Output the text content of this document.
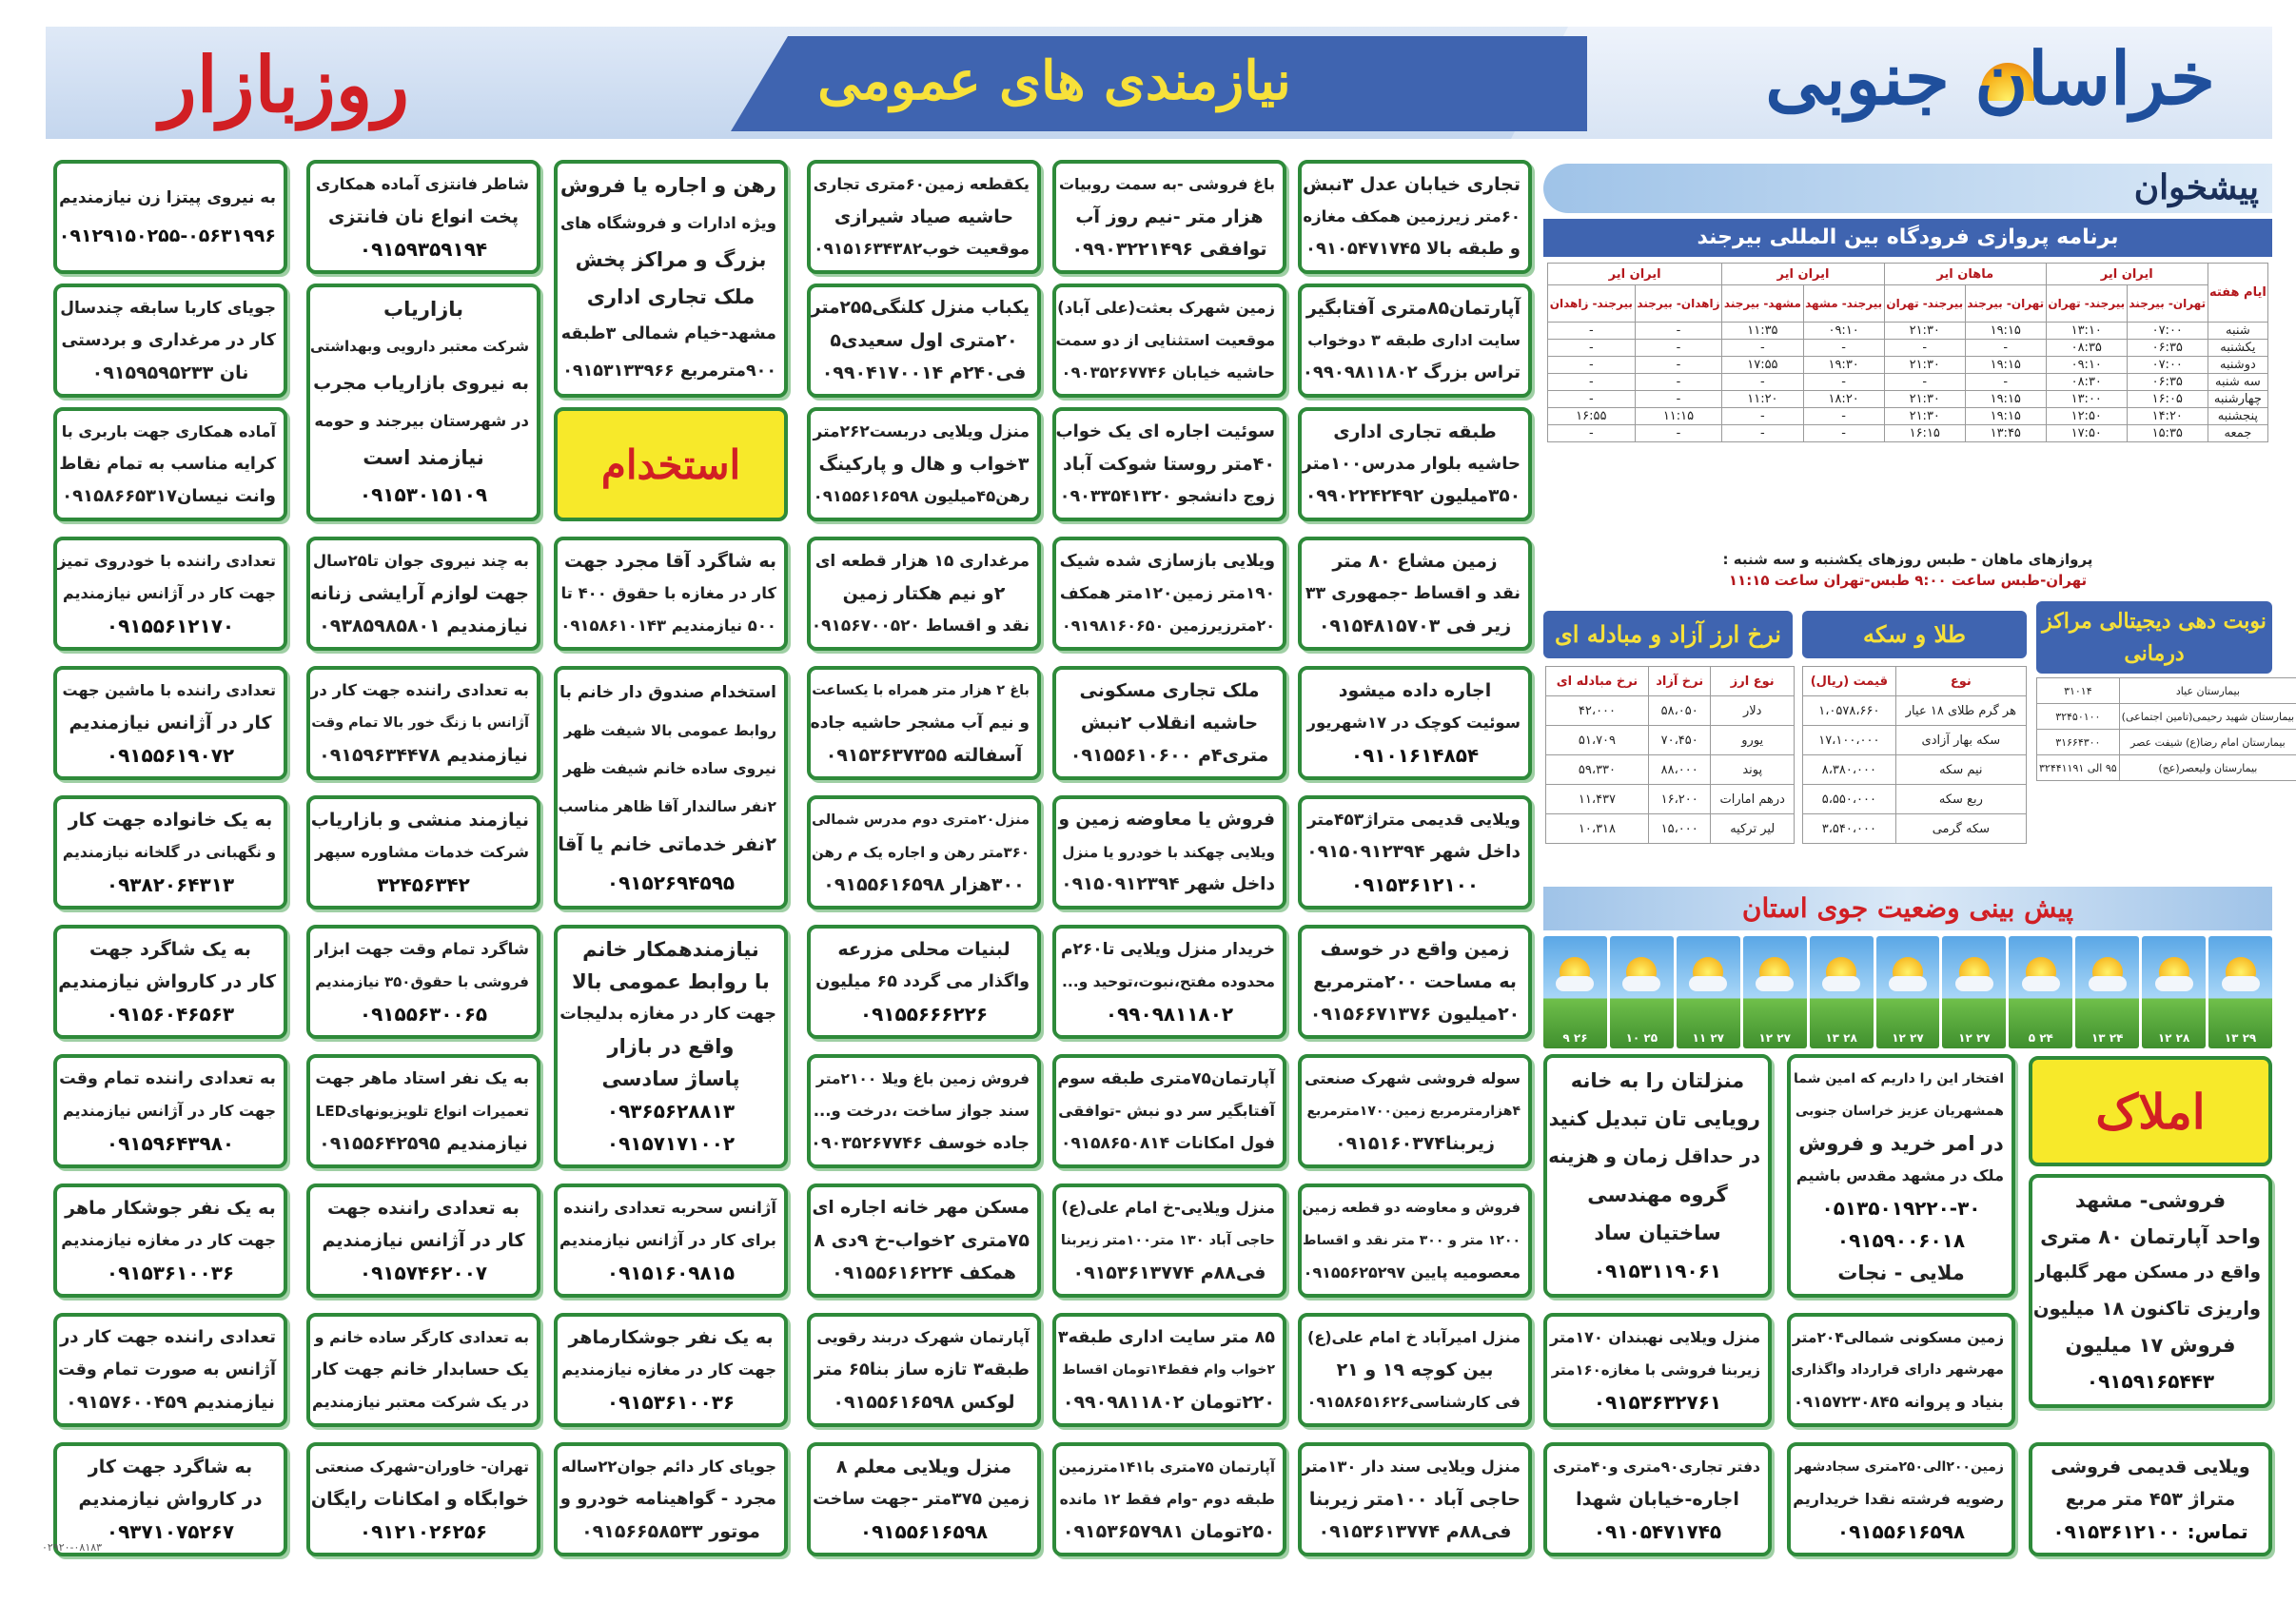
خراسان جنوبی
نیازمندی های عمومی
روزبازار
تجاری خیابان عدل ۳نبش
۶۰متر زیرزمین همکف مغازه
و طبقه بالا ۰۹۱۰۵۴۷۱۷۴۵
باغ فروشی -به سمت روبیات
هزار متر -نیم روز آب
توافقی ۰۹۹۰۳۲۲۱۴۹۶
یکقطعه زمین۶۰متری تجاری
حاشیه صیاد شیرازی
موقعیت خوب۰۹۱۵۱۶۳۴۳۸۲
رهن و اجاره یا فروش
ویژه ادارات و فروشگاه های
بزرگ و مراکز پخش
ملک تجاری اداری
مشهد-خیام شمالی ۳طبقه
۹۰۰مترمربع ۰۹۱۵۳۱۳۳۹۶۶
شاطر فانتزی آماده همکاری
پخت انواع نان فانتزی
۰۹۱۵۹۳۵۹۱۹۴
به نیروی پیتزا زن نیازمندیم
۰۹۱۲۹۱۵۰۲۵۵-۰۵۶۳۱۹۹۶
آپارتمان۸۵متری آفتابگیر
سایت اداری طبقه ۳ دوخواب
تراس بزرگ ۰۹۹۰۹۸۱۱۸۰۲
زمین شهرک بعثت(علی آباد)
موقعیت استثنایی از دو سمت
حاشیه خیابان ۰۹۰۳۵۲۶۷۷۴۶
یکباب منزل کلنگی۲۵۵متر
۲۰متری اول سعیدی۵
فی۲۴۰م ۰۹۹۰۴۱۷۰۰۱۴
بازاریاب
شرکت معتبر دارویی وبهداشتی
به نیروی بازاریاب مجرب
در شهرستان بیرجند و حومه
نیازمند است
۰۹۱۵۳۰۱۵۱۰۹
جویای کاربا سابقه چندسال
کار در مرغداری و بردستی
نان ۰۹۱۵۹۵۹۵۲۳۳
طبقه تجاری اداری
حاشیه بلوار مدرس۱۰۰متر
۳۵۰میلیون ۰۹۹۰۲۲۴۲۴۹۲
سوئیت اجاره ای یک خواب
۴۰متر روستا شوکت آباد
زوج دانشجو ۰۹۰۳۳۵۴۱۳۲۰
منزل ویلایی دربست۲۶۲متر
۳خواب و هال و پارکینگ
رهن۴۵میلیون ۰۹۱۵۵۶۱۶۵۹۸
آماده همکاری جهت باربری با
کرایه مناسب به تمام نقاط
وانت نیسان۰۹۱۵۸۶۶۵۳۱۷
زمین مشاع ۸۰ متر
نقد و اقساط -جمهوری ۳۳
زیر فی ۰۹۱۵۴۸۱۵۷۰۳
ویلایی بازسازی شده شیک
۱۹۰متر زمین۱۲۰متر همکف
۲۰مترزیرزمین ۰۹۱۹۸۱۶۰۶۵۰
مرغداری ۱۵ هزار قطعه ای
۲و نیم هکتار زمین
نقد و اقساط ۰۹۱۵۶۷۰۰۵۲۰
به شاگرد آقا مجرد جهت
کار در مغازه با حقوق ۴۰۰ تا
۵۰۰ نیازمندیم ۰۹۱۵۸۶۱۰۱۴۳
به چند نیروی جوان تا۲۵سال
جهت لوازم آرایشی زنانه
نیازمندیم ۰۹۳۸۵۹۸۵۸۰۱
تعدادی راننده با خودروی تمیز
جهت کار در آژانس نیازمندیم
۰۹۱۵۵۶۱۲۱۷۰
اجاره داده میشود
سوئیت کوچک در ۱۷شهریور
۰۹۱۰۱۶۱۴۸۵۴
ملک تجاری مسکونی
حاشیه انقلاب ۲نبش
متری۴م ۰۹۱۵۵۶۱۰۶۰۰
باغ ۲ هزار متر همراه با یکساعت
و نیم آب مشجر حاشیه جاده
آسفالته ۰۹۱۵۳۶۳۷۳۵۵
استخدام صندوق دار خانم با
روابط عمومی بالا شیفت ظهر
نیروی ساده خانم شیفت ظهر
۲نفر سالندار آقا ظاهر مناسب
۲نفر خدماتی خانم یا آقا
۰۹۱۵۲۶۹۴۵۹۵
به تعدادی راننده جهت کار در
آژانس با زنگ خور بالا تمام وقت
نیازمندیم ۰۹۱۵۹۶۳۴۴۷۸
تعدادی راننده با ماشین جهت
کار در آژانس نیازمندیم
۰۹۱۵۵۶۱۹۰۷۲
ویلایی قدیمی متراژ۴۵۳متر
داخل شهر ۰۹۱۵۰۹۱۲۳۹۴
۰۹۱۵۳۶۱۲۱۰۰
فروش یا معاوضه زمین و
ویلایی چهکند با خودرو یا منزل
داخل شهر ۰۹۱۵۰۹۱۲۳۹۴
منزل۲۰متری دوم مدرس شمالی
۳۶۰متر رهن و اجاره یک م رهن
۳۰۰هزار ۰۹۱۵۵۶۱۶۵۹۸
نیازمند منشی و بازاریاب
شرکت خدمات مشاوره سپهر
۳۲۴۵۶۳۴۲
به یک خانواده جهت کار
و نگهبانی در گلخانه نیازمندیم
۰۹۳۸۲۰۶۴۳۱۳
زمین واقع در خوسف
به مساحت ۲۰۰مترمربع
۲۰میلیون ۰۹۱۵۶۶۷۱۳۷۶
خریدار منزل ویلایی تا۲۶۰م
محدوده مفتح،نبوت،توحید و...
۰۹۹۰۹۸۱۱۸۰۲
لبنیات محلی مزرعه
واگذار می گردد ۶۵ میلیون
۰۹۱۵۵۶۶۶۲۲۶
نیازمندهمکار خانم
با روابط عمومی بالا
جهت کار در مغازه بدلیجات
واقع در بازار
پاساژ سادسی
۰۹۳۶۵۶۲۸۸۱۳
۰۹۱۵۷۱۷۱۰۰۲
شاگرد تمام وقت جهت ابزار
فروشی با حقوق۳۵۰ نیازمندیم
۰۹۱۵۵۶۳۰۰۶۵
به یک شاگرد جهت
کار در کارواش نیازمندیم
۰۹۱۵۶۰۴۶۵۶۳
افتخار این را داریم که امین شما
همشهریان عزیز خراسان جنوبی
در امر خرید و فروش
ملک در مشهد مقدس باشیم
۰۵۱۳۵۰۱۹۲۲۰-۳۰
۰۹۱۵۹۰۰۶۰۱۸
ملایی - نجات
منزلتان را به خانه
رویایی تان تبدیل کنید
در حداقل زمان و هزینه
گروه مهندسی
ساختیان ساد
۰۹۱۵۳۱۱۹۰۶۱
سوله فروشی شهرک صنعتی
۴هزارمترمربع زمین۱۷۰۰مترمربع
زیربنا۰۹۱۵۱۶۰۳۷۴
آپارتمان۷۵متری طبقه سوم
آفتابگیر سر دو نبش -توافقی
فول امکانات ۰۹۱۵۸۶۵۰۸۱۴
فروش زمین باغ ویلا ۲۱۰۰متر
سند جواز ساخت ،درخت و...
جاده خوسف ۰۹۰۳۵۲۶۷۷۴۶
به یک نفر استاد ماهر جهت
تعمیرات انواع تلویزیونهایLED
نیازمندیم ۰۹۱۵۵۶۴۲۵۹۵
به تعدادی راننده تمام وقت
جهت کار در آژانس نیازمندیم
۰۹۱۵۹۶۴۳۹۸۰
فروش و معاوضه دو قطعه زمین
۱۲۰۰ متر و ۳۰۰ متر نقد و اقساط
معصومیه پایین ۰۹۱۵۵۶۲۵۲۹۷
منزل ویلایی-خ امام علی(ع)
حاجی آباد ۱۳۰ متر۱۰۰متر زیربنا
فی۸۸م ۰۹۱۵۳۶۱۳۷۷۴
مسکن مهر خانه اجاره ای
۷۵متری ۲خواب-خ ۹دی ۸
همکف ۰۹۱۵۵۶۱۶۲۲۴
آژانس سحربه تعدادی راننده
برای کار در آژانس نیازمندیم
۰۹۱۵۱۶۰۹۸۱۵
به تعدادی راننده جهت
کار در آژانس نیازمندیم
۰۹۱۵۷۴۶۲۰۰۷
به یک نفر جوشکار ماهر
جهت کار در مغازه نیازمندیم
۰۹۱۵۳۶۱۰۰۳۶
فروشی- مشهد
واحد آپارتمان ۸۰ متری
واقع در مسکن مهر گلبهار
واریزی تاکنون ۱۸ میلیون
فروش ۱۷ میلیون
۰۹۱۵۹۱۶۵۴۴۳
زمین مسکونی شمالی۲۰۴متر
مهرشهر دارای قرارداد واگذاری
بنیاد و پروانه ۰۹۱۵۷۲۳۰۸۴۵
منزل ویلایی نهبندان ۱۷۰متر
زیربنا فروشی با مغازه۱۶۰متر
۰۹۱۵۳۶۳۲۷۶۱
منزل امیرآباد خ امام علی(ع)
بین کوچه ۱۹ و ۲۱
فی کارشناسی۰۹۱۵۸۶۵۱۶۲۶
۸۵ متر سایت اداری طبقه۳
۲خواب وام فقط۱۴تومان اقساط
۲۲۰تومان ۰۹۹۰۹۸۱۱۸۰۲
آپارتمان شهرک دربند رقویی
طبقه۳ تازه ساز بنا۶۵ متر
لوکس ۰۹۱۵۵۶۱۶۵۹۸
به یک نفر جوشکارماهر
جهت کار در مغازه نیازمندیم
۰۹۱۵۳۶۱۰۰۳۶
به تعدادی کارگر ساده خانم و
یک حسابدار خانم جهت کار
در یک شرکت معتبر نیازمندیم
تعدادی راننده جهت کار در
آژانس به صورت تمام وقت
نیازمندیم ۰۹۱۵۷۶۰۰۴۵۹
ویلایی قدیمی فروشی
متراژ ۴۵۳ متر مربع
تماس: ۰۹۱۵۳۶۱۲۱۰۰
زمین۲۰۰الی۲۵۰متری سجادشهر
رضویه فرشته نقدا خریداریم
۰۹۱۵۵۶۱۶۵۹۸
دفتر تجاری۹۰متری و۴۰متری
اجاره-خیابان شهدا
۰۹۱۰۵۴۷۱۷۴۵
منزل ویلایی سند دار ۱۳۰متر
حاجی آباد ۱۰۰متر زیربنا
فی۸۸م ۰۹۱۵۳۶۱۳۷۷۴
آپارتمان ۷۵متری با۱۴۱مترزمین
طبقه دوم -وام فقط ۱۲ مانده
۲۵۰تومان ۰۹۱۵۳۶۵۷۹۸۱
منزل ویلایی معلم ۸
زمین ۳۷۵متر -جهت ساخت
۰۹۱۵۵۶۱۶۵۹۸
جویای کار دائم جوان۲۲ساله
مجرد - گواهینامه خودرو و
موتور ۰۹۱۵۶۶۵۸۵۳۳
تهران- خاوران-شهرک صنعتی
خوابگاه و امکانات رایگان
۰۹۱۲۱۰۲۶۲۵۶
به شاگرد جهت کار
در کارواش نیازمندیم
۰۹۳۷۱۰۷۵۲۶۷
استخدام
املاک
پیشخوان
برنامه پروازی فرودگاه بین المللی بیرجند
ایام هفته	ایران ایر		ماهان ایر		ایران ایر		ایران ایر	
	تهران- بیرجند	بیرجند- تهران	تهران- بیرجند	بیرجند- تهران	بیرجند- مشهد	مشهد- بیرجند	زاهدان- بیرجند	بیرجند- زاهدان
شنبه	۰۷:۰۰	۱۳:۱۰	۱۹:۱۵	۲۱:۳۰	۰۹:۱۰	۱۱:۳۵	-	-
یکشنبه	۰۶:۳۵	۰۸:۳۵	-	-	-	-	-	-
دوشنبه	۰۷:۰۰	۰۹:۱۰	۱۹:۱۵	۲۱:۳۰	۱۹:۳۰	۱۷:۵۵	-	-
سه شنبه	۰۶:۳۵	۰۸:۳۰	-	-	-	-	-	-
چهارشنبه	۱۶:۰۵	۱۳:۰۰	۱۹:۱۵	۲۱:۳۰	۱۸:۲۰	۱۱:۲۰	-	-
پنجشنبه	۱۴:۲۰	۱۲:۵۰	۱۹:۱۵	۲۱:۳۰	-	-	۱۱:۱۵	۱۶:۵۵
جمعه	۱۵:۳۵	۱۷:۵۰	۱۳:۴۵	۱۶:۱۵	-	-	-	-
پروازهای ماهان - طبس روزهای یکشنبه و سه شنبه :
تهران-طبس ساعت ۹:۰۰ طبس-تهران ساعت ۱۱:۱۵
نرخ ارز آزاد و مبادله ای	طلا و سکه	نوبت دهی دیجیتالی مراکز درمانی
نوع ارز	نرخ آزاد	نرخ مبادله ای
دلار	۵۸،۰۵۰	۴۲،۰۰۰
یورو	۷۰،۴۵۰	۵۱،۷۰۹
پوند	۸۸،۰۰۰	۵۹،۳۳۰
درهم امارات	۱۶،۲۰۰	۱۱،۴۳۷
لیر ترکیه	۱۵،۰۰۰	۱۰،۳۱۸
نوع	قیمت (ریال)
هر گرم طلای ۱۸ عیار	۱،۰۵۷۸،۶۶۰
سکه بهار آزادی	۱۷،۱۰۰،۰۰۰
نیم سکه	۸،۳۸۰،۰۰۰
ربع سکه	۵،۵۵۰،۰۰۰
سکه گرمی	۳،۵۴۰،۰۰۰
بیمارستان عیاد	۳۱۰۱۴
بیمارستان شهید رحیمی(تامین اجتماعی)	۳۲۴۵۰۱۰۰
بیمارستان امام رضا(ع) شیفت عصر	۳۱۶۶۴۳۰۰
بیمارستان ولیعصر(عج)	۹۵ الی ۳۲۴۴۱۱۹۱
پیش بینی وضعیت جوی استان
۹ ۲۶	۱۰ ۲۵	۱۱ ۲۷	۱۲ ۲۷	۱۳ ۲۸	۱۲ ۲۷	۱۲ ۲۷	۵ ۲۴	۱۳ ۲۴	۱۲ ۲۸	۱۳ ۲۹
۰۲۹۲۰-۰۸۱۸۳
